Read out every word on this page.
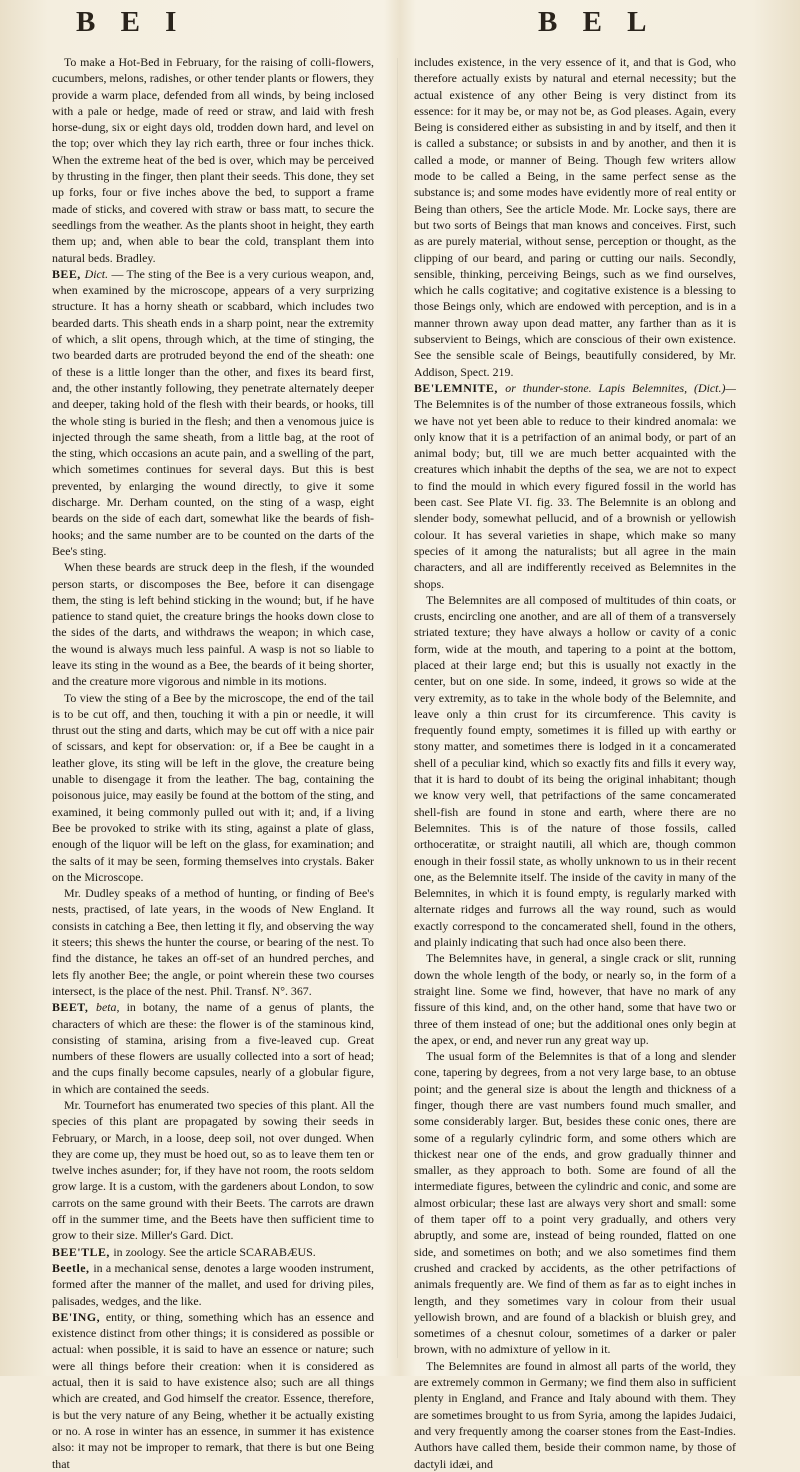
B E I	B E L

To make a Hot-Bed in February, for the raising of colli-flowers, cucumbers, melons, radishes, or other tender plants or flowers, they provide a warm place, defended from all winds, by being inclosed with a pale or hedge, made of reed or straw, and laid with fresh horse-dung, six or eight days old, trodden down hard, and level on the top; over which they lay rich earth, three or four inches thick. When the extreme heat of the bed is over, which may be perceived by thrusting in the finger, then plant their seeds. This done, they set up forks, four or five inches above the bed, to support a frame made of sticks, and covered with straw or bass matt, to secure the seedlings from the weather. As the plants shoot in height, they earth them up; and, when able to bear the cold, transplant them into natural beds. Bradley.

BEE, Dict. — The sting of the Bee is a very curious weapon, and, when examined by the microscope, appears of a very surprizing structure. It has a horny sheath or scabbard, which includes two bearded darts. This sheath ends in a sharp point, near the extremity of which, a slit opens, through which, at the time of stinging, the two bearded darts are protruded beyond the end of the sheath: one of these is a little longer than the other, and fixes its beard first, and, the other instantly following, they penetrate alternately deeper and deeper, taking hold of the flesh with their beards, or hooks, till the whole sting is buried in the flesh; and then a venomous juice is injected through the same sheath, from a little bag, at the root of the sting, which occasions an acute pain, and a swelling of the part, which sometimes continues for several days. But this is best prevented, by enlarging the wound directly, to give it some discharge. Mr. Derham counted, on the sting of a wasp, eight beards on the side of each dart, somewhat like the beards of fish-hooks; and the same number are to be counted on the darts of the Bee's sting.

When these beards are struck deep in the flesh, if the wounded person starts, or discomposes the Bee, before it can disengage them, the sting is left behind sticking in the wound; but, if he have patience to stand quiet, the creature brings the hooks down close to the sides of the darts, and withdraws the weapon; in which case, the wound is always much less painful. A wasp is not so liable to leave its sting in the wound as a Bee, the beards of it being shorter, and the creature more vigorous and nimble in its motions.

To view the sting of a Bee by the microscope, the end of the tail is to be cut off, and then, touching it with a pin or needle, it will thrust out the sting and darts, which may be cut off with a nice pair of scissars, and kept for observation: or, if a Bee be caught in a leather glove, its sting will be left in the glove, the creature being unable to disengage it from the leather. The bag, containing the poisonous juice, may easily be found at the bottom of the sting, and examined, it being commonly pulled out with it; and, if a living Bee be provoked to strike with its sting, against a plate of glass, enough of the liquor will be left on the glass, for examination; and the salts of it may be seen, forming themselves into crystals. Baker on the Microscope.

Mr. Dudley speaks of a method of hunting, or finding of Bee's nests, practised, of late years, in the woods of New England. It consists in catching a Bee, then letting it fly, and observing the way it steers; this shews the hunter the course, or bearing of the nest. To find the distance, he takes an off-set of an hundred perches, and lets fly another Bee; the angle, or point wherein these two courses intersect, is the place of the nest. Phil. Transf. N°. 367.

BEET, beta, in botany, the name of a genus of plants, the characters of which are these: the flower is of the staminous kind, consisting of stamina, arising from a five-leaved cup. Great numbers of these flowers are usually collected into a sort of head; and the cups finally become capsules, nearly of a globular figure, in which are contained the seeds.

Mr. Tournefort has enumerated two species of this plant. All the species of this plant are propagated by sowing their seeds in February, or March, in a loose, deep soil, not over dunged. When they are come up, they must be hoed out, so as to leave them ten or twelve inches asunder; for, if they have not room, the roots seldom grow large. It is a custom, with the gardeners about London, to sow carrots on the same ground with their Beets. The carrots are drawn off in the summer time, and the Beets have then sufficient time to grow to their size. Miller's Gard. Dict.

BEE'TLE, in zoology. See the article SCARABÆUS.

Beetle, in a mechanical sense, denotes a large wooden instrument, formed after the manner of the mallet, and used for driving piles, palisades, wedges, and the like.

BE'ING, entity, or thing, something which has an essence and existence distinct from other things; it is considered as possible or actual: when possible, it is said to have an essence or nature; such were all things before their creation: when it is considered as actual, then it is said to have existence also; such are all things which are created, and God himself the creator. Essence, therefore, is but the very nature of any Being, whether it be actually existing or no. A rose in winter has an essence, in summer it has existence also: it may not be improper to remark, that there is but one Being that

includes existence, in the very essence of it, and that is God, who therefore actually exists by natural and eternal necessity; but the actual existence of any other Being is very distinct from its essence: for it may be, or may not be, as God pleases. Again, every Being is considered either as subsisting in and by itself, and then it is called a substance; or subsists in and by another, and then it is called a mode, or manner of Being. Though few writers allow mode to be called a Being, in the same perfect sense as the substance is; and some modes have evidently more of real entity or Being than others, See the article Mode. Mr. Locke says, there are but two sorts of Beings that man knows and conceives. First, such as are purely material, without sense, perception or thought, as the clipping of our beard, and paring or cutting our nails. Secondly, sensible, thinking, perceiving Beings, such as we find ourselves, which he calls cogitative; and cogitative existence is a blessing to those Beings only, which are endowed with perception, and is in a manner thrown away upon dead matter, any farther than as it is subservient to Beings, which are conscious of their own existence. See the sensible scale of Beings, beautifully considered, by Mr. Addison, Spect. 219.

BE'LEMNITE, or thunder-stone. Lapis Belemnites, (Dict.)— The Belemnites is of the number of those extraneous fossils, which we have not yet been able to reduce to their kindred anomala: we only know that it is a petrifaction of an animal body, or part of an animal body; but, till we are much better acquainted with the creatures which inhabit the depths of the sea, we are not to expect to find the mould in which every figured fossil in the world has been cast. See Plate VI. fig. 33. The Belemnite is an oblong and slender body, somewhat pellucid, and of a brownish or yellowish colour. It has several varieties in shape, which make so many species of it among the naturalists; but all agree in the main characters, and all are indifferently received as Belemnites in the shops.

The Belemnites are all composed of multitudes of thin coats, or crusts, encircling one another, and are all of them of a transversely striated texture; they have always a hollow or cavity of a conic form, wide at the mouth, and tapering to a point at the bottom, placed at their large end; but this is usually not exactly in the center, but on one side. In some, indeed, it grows so wide at the very extremity, as to take in the whole body of the Belemnite, and leave only a thin crust for its circumference. This cavity is frequently found empty, sometimes it is filled up with earthy or stony matter, and sometimes there is lodged in it a concamerated shell of a peculiar kind, which so exactly fits and fills it every way, that it is hard to doubt of its being the original inhabitant; though we know very well, that petrifactions of the same concamerated shell-fish are found in stone and earth, where there are no Belemnites. This is of the nature of those fossils, called orthoceratitæ, or straight nautili, all which are, though common enough in their fossil state, as wholly unknown to us in their recent one, as the Belemnite itself. The inside of the cavity in many of the Belemnites, in which it is found empty, is regularly marked with alternate ridges and furrows all the way round, such as would exactly correspond to the concamerated shell, found in the others, and plainly indicating that such had once also been there.

The Belemnites have, in general, a single crack or slit, running down the whole length of the body, or nearly so, in the form of a straight line. Some we find, however, that have no mark of any fissure of this kind, and, on the other hand, some that have two or three of them instead of one; but the additional ones only begin at the apex, or end, and never run any great way up.

The usual form of the Belemnites is that of a long and slender cone, tapering by degrees, from a not very large base, to an obtuse point; and the general size is about the length and thickness of a finger, though there are vast numbers found much smaller, and some considerably larger. But, besides these conic ones, there are some of a regularly cylindric form, and some others which are thickest near one of the ends, and grow gradually thinner and smaller, as they approach to both. Some are found of all the intermediate figures, between the cylindric and conic, and some are almost orbicular; these last are always very short and small: some of them taper off to a point very gradually, and others very abruptly, and some are, instead of being rounded, flatted on one side, and sometimes on both; and we also sometimes find them crushed and cracked by accidents, as the other petrifactions of animals frequently are. We find of them as far as to eight inches in length, and they sometimes vary in colour from their usual yellowish brown, and are found of a blackish or bluish grey, and sometimes of a chesnut colour, sometimes of a darker or paler brown, with no admixture of yellow in it.

The Belemnites are found in almost all parts of the world, they are extremely common in Germany; we find them also in sufficient plenty in England, and France and Italy abound with them. They are sometimes brought to us from Syria, among the lapides Judaici, and very frequently among the coarser stones from the East-Indies. Authors have called them, beside their common name, by those of dactyli idæi, and
